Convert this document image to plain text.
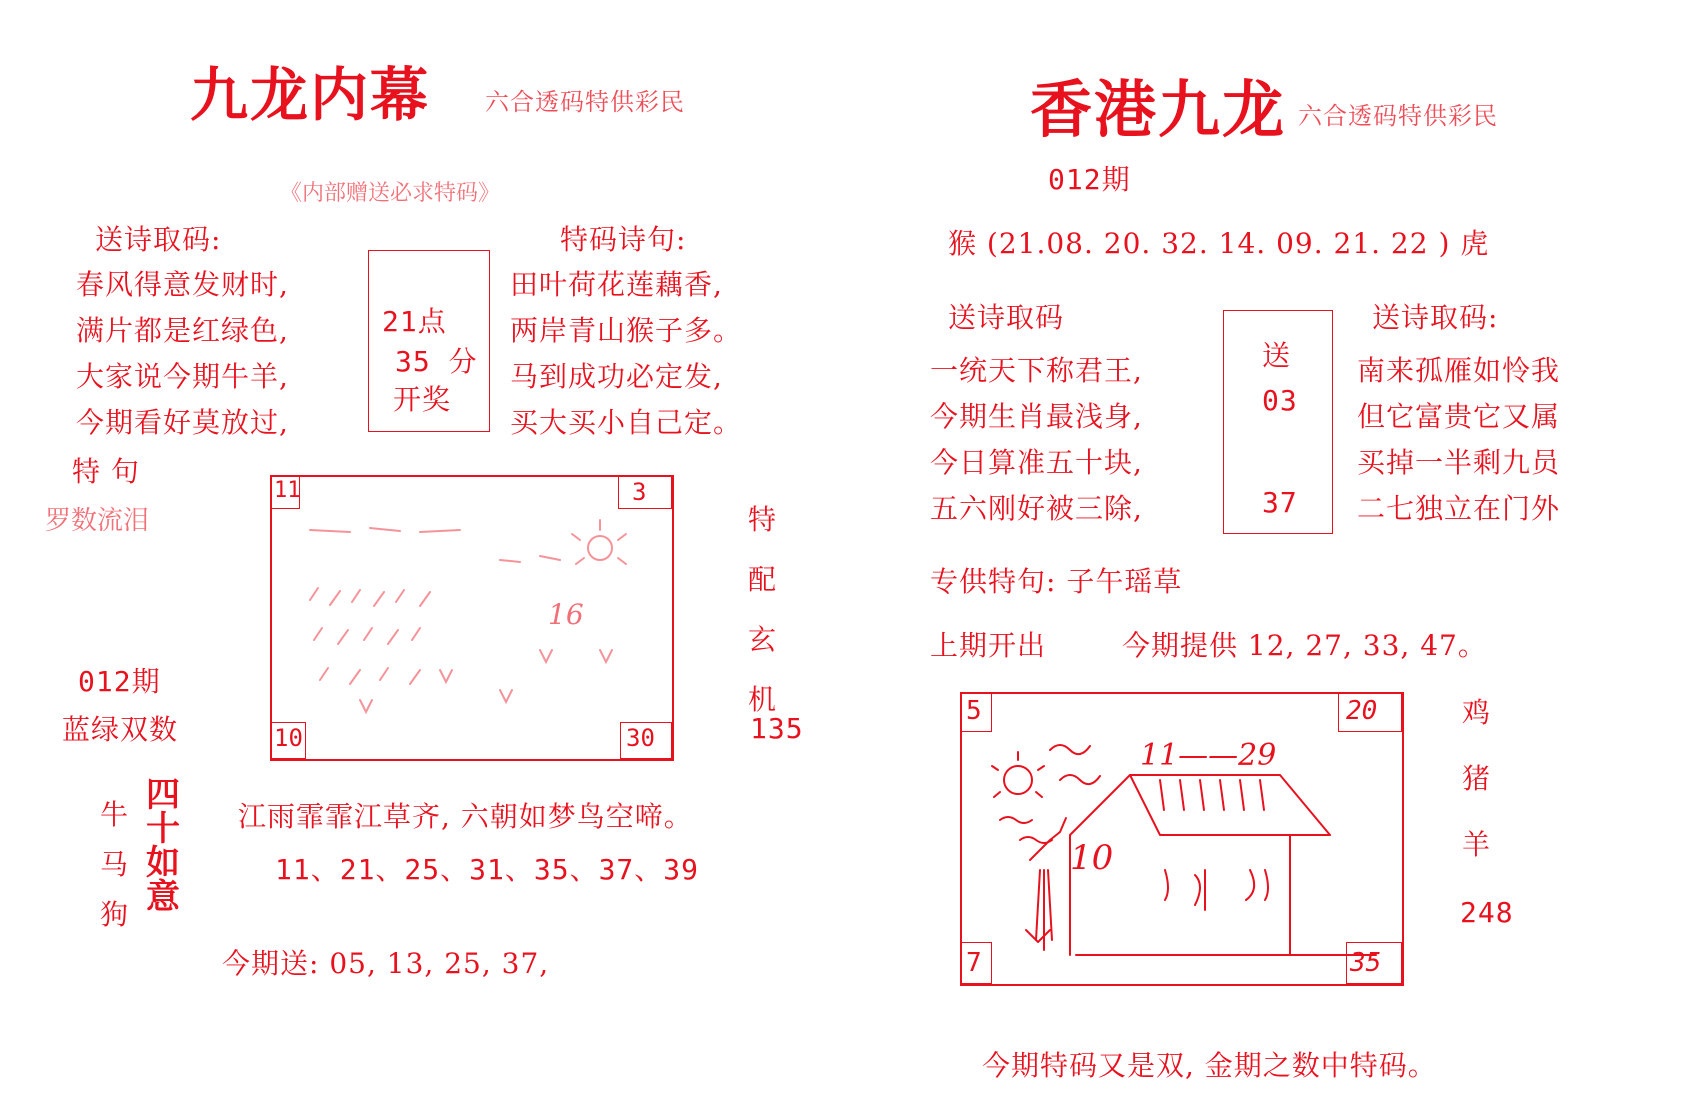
九龙内幕 六合透码特供彩民
《内部赠送必求特码》
送诗取码:
春风得意发财时,
满片都是红绿色,
大家说今期牛羊,
今期看好莫放过,
21点
35 分
开奖
特码诗句:
田叶荷花莲藕香,
两岸青山猴子多。
马到成功必定发,
买大买小自己定。
特 句
罗数流泪
11	3
10	30
16
特
配
玄
机
135
012期
蓝绿双数
牛
马
狗
四
十
如
意
江雨霏霏江草齐, 六朝如梦鸟空啼。
11、21、25、31、35、37、39
今期送: 05, 13, 25, 37,
香港九龙 六合透码特供彩民
012期
猴 (21.08. 20. 32. 14. 09. 21. 22 ) 虎
送诗取码
一统天下称君王,
今期生肖最浅身,
今日算准五十块,
五六刚好被三除,
送
03
37
送诗取码:
南来孤雁如怜我
但它富贵它又属
买掉一半剩九员
二七独立在门外
专供特句: 子午瑶草
上期开出	今期提供 12, 27, 33, 47。
5	20
7	35
10
11——29
鸡
猪
羊
248
今期特码又是双, 金期之数中特码。
